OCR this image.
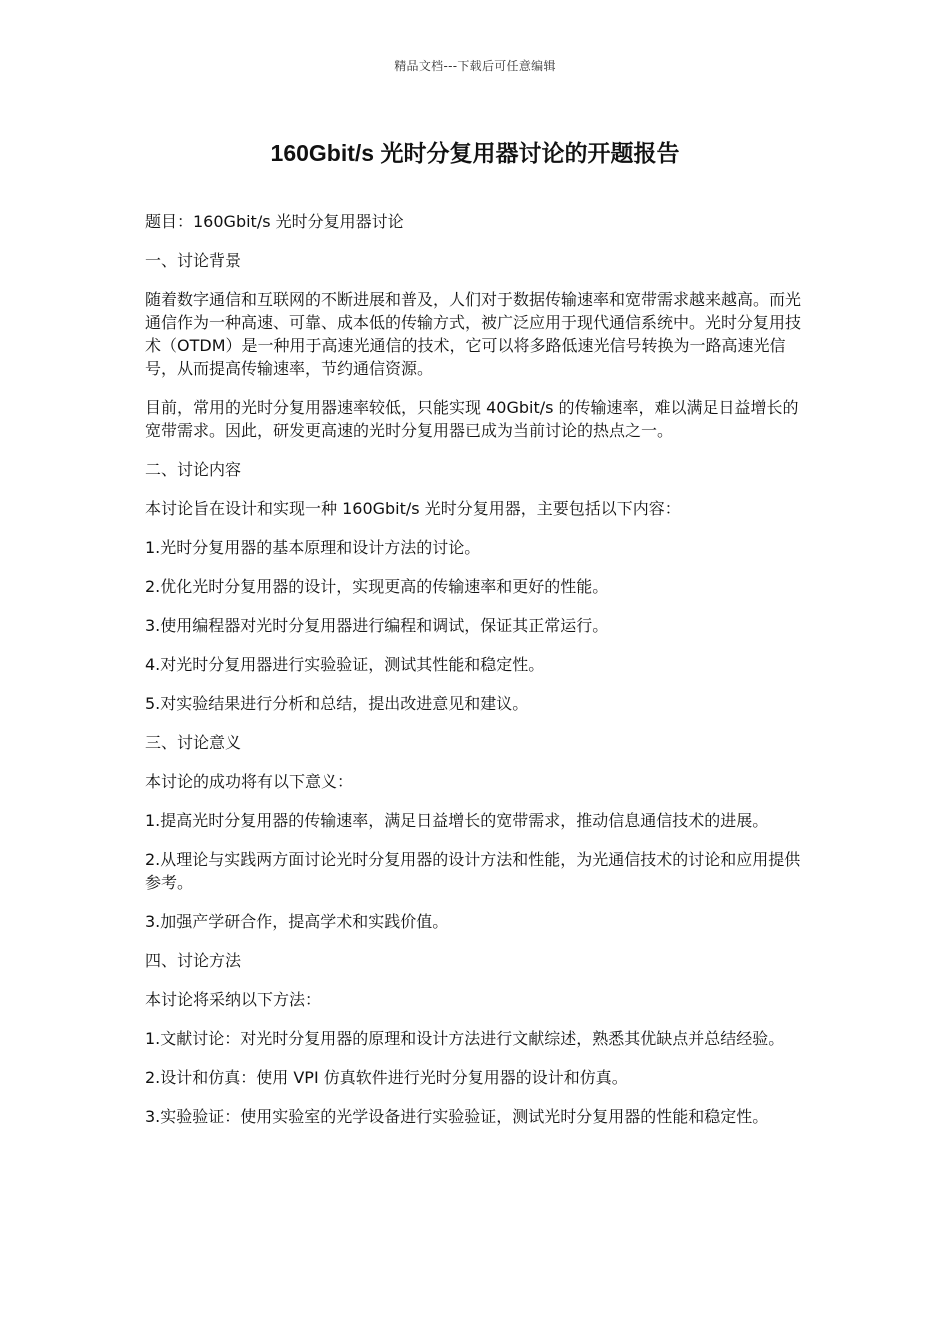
精品文档---下载后可任意编辑
160Gbit/s 光时分复用器讨论的开题报告

题目：160Gbit/s 光时分复用器讨论

一、讨论背景

随着数字通信和互联网的不断进展和普及，人们对于数据传输速率和宽带需求越来越高。而光通信作为一种高速、可靠、成本低的传输方式，被广泛应用于现代通信系统中。光时分复用技术（OTDM）是一种用于高速光通信的技术，它可以将多路低速光信号转换为一路高速光信号，从而提高传输速率，节约通信资源。

目前，常用的光时分复用器速率较低，只能实现 40Gbit/s 的传输速率，难以满足日益增长的宽带需求。因此，研发更高速的光时分复用器已成为当前讨论的热点之一。

二、讨论内容

本讨论旨在设计和实现一种 160Gbit/s 光时分复用器，主要包括以下内容：

1.光时分复用器的基本原理和设计方法的讨论。

2.优化光时分复用器的设计，实现更高的传输速率和更好的性能。

3.使用编程器对光时分复用器进行编程和调试，保证其正常运行。

4.对光时分复用器进行实验验证，测试其性能和稳定性。

5.对实验结果进行分析和总结，提出改进意见和建议。

三、讨论意义

本讨论的成功将有以下意义：

1.提高光时分复用器的传输速率，满足日益增长的宽带需求，推动信息通信技术的进展。

2.从理论与实践两方面讨论光时分复用器的设计方法和性能，为光通信技术的讨论和应用提供参考。

3.加强产学研合作，提高学术和实践价值。

四、讨论方法

本讨论将采纳以下方法：

1.文献讨论：对光时分复用器的原理和设计方法进行文献综述，熟悉其优缺点并总结经验。

2.设计和仿真：使用 VPI 仿真软件进行光时分复用器的设计和仿真。

3.实验验证：使用实验室的光学设备进行实验验证，测试光时分复用器的性能和稳定性。
